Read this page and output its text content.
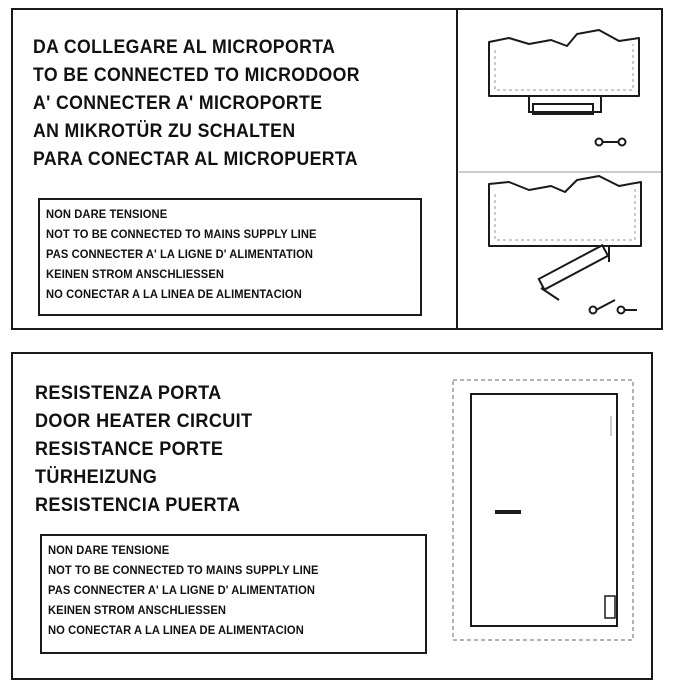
DA COLLEGARE AL MICROPORTA
TO BE CONNECTED TO MICRODOOR
A' CONNECTER A' MICROPORTE
AN MIKROTÜR ZU SCHALTEN
PARA CONECTAR AL MICROPUERTA
NON DARE TENSIONE
NOT TO BE CONNECTED TO MAINS SUPPLY LINE
PAS CONNECTER A' LA LIGNE D' ALIMENTATION
KEINEN STROM ANSCHLIESSEN
NO CONECTAR A LA LINEA DE ALIMENTACION
RESISTENZA PORTA
DOOR HEATER CIRCUIT
RESISTANCE PORTE
TÜRHEIZUNG
RESISTENCIA PUERTA
NON DARE TENSIONE
NOT TO BE CONNECTED TO MAINS SUPPLY LINE
PAS CONNECTER A' LA LIGNE D' ALIMENTATION
KEINEN STROM ANSCHLIESSEN
NO CONECTAR A LA LINEA DE ALIMENTACION
